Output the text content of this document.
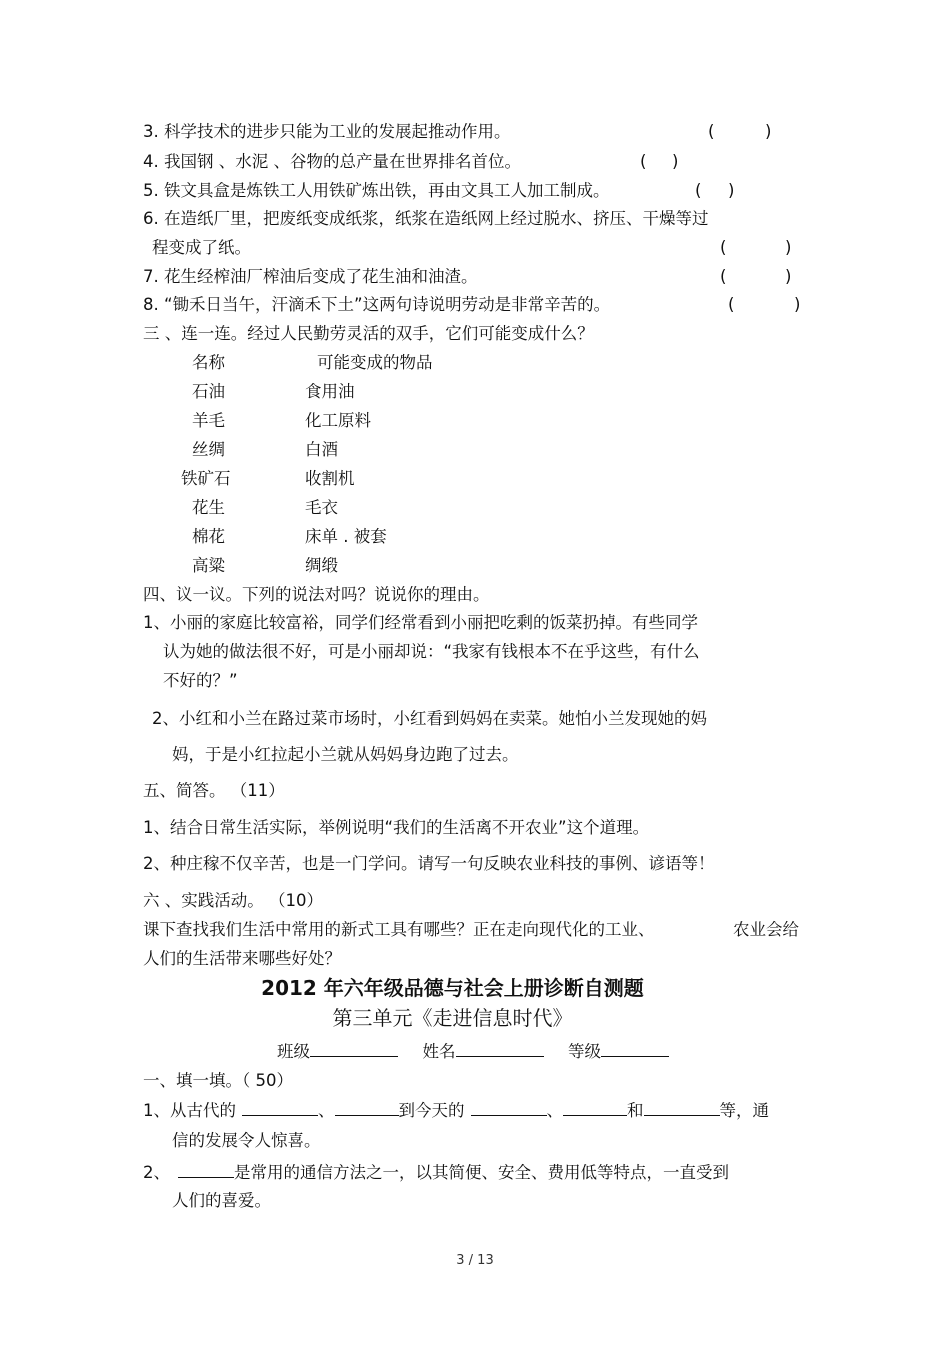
3. 科学技术的进步只能为工业的发展起推动作用。	(	)
4. 我国钢 、水泥 、谷物的总产量在世界排名首位。	( )
5. 铁文具盒是炼铁工人用铁矿炼出铁，再由文具工人加工制成。	( )
6. 在造纸厂里，把废纸变成纸浆，纸浆在造纸网上经过脱水、挤压、干燥等过
程变成了纸。	(	)
7. 花生经榨油厂榨油后变成了花生油和油渣。	(	)
8. “锄禾日当午，汗滴禾下土”这两句诗说明劳动是非常辛苦的。	(	)
三 、连一连。经过人民勤劳灵活的双手，它们可能变成什么？
名称	可能变成的物品
石油	食用油
羊毛	化工原料
丝绸	白酒
铁矿石	收割机
花生	毛衣
棉花	床单 . 被套
高粱	绸缎
四、议一议。下列的说法对吗？说说你的理由。
1、小丽的家庭比较富裕，同学们经常看到小丽把吃剩的饭菜扔掉。有些同学
认为她的做法很不好，可是小丽却说：“我家有钱根本不在乎这些，有什么
不好的？”
2、小红和小兰在路过菜市场时，小红看到妈妈在卖菜。她怕小兰发现她的妈
妈，于是小红拉起小兰就从妈妈身边跑了过去。
五、简答。 （11）
1、结合日常生活实际，举例说明“我们的生活离不开农业”这个道理。
2、种庄稼不仅辛苦，也是一门学问。请写一句反映农业科技的事例、谚语等！
六 、实践活动。 （10）
课下查找我们生活中常用的新式工具有哪些？正在走向现代化的工业、	农业会给
人们的生活带来哪些好处？
2012 年六年级品德与社会上册诊断自测题
第三单元《走进信息时代》
班级	姓名	等级
一、填一填。（ 50）
1、从古代的	、	到今天的	、	和	等，通
信的发展令人惊喜。
2、	是常用的通信方法之一，以其简便、安全、费用低等特点，一直受到
人们的喜爱。
3 / 13
